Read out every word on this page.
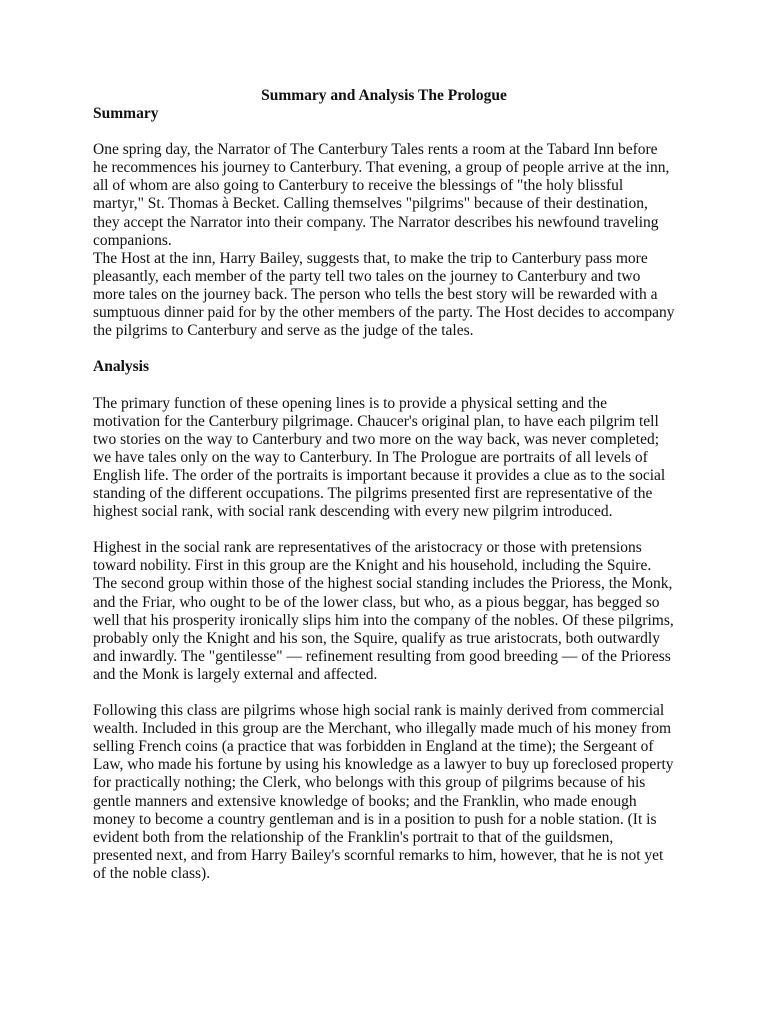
Summary and Analysis The Prologue

Summary

One spring day, the Narrator of The Canterbury Tales rents a room at the Tabard Inn before
he recommences his journey to Canterbury. That evening, a group of people arrive at the inn,
all of whom are also going to Canterbury to receive the blessings of "the holy blissful
martyr," St. Thomas à Becket. Calling themselves "pilgrims" because of their destination,
they accept the Narrator into their company. The Narrator describes his newfound traveling
companions.

The Host at the inn, Harry Bailey, suggests that, to make the trip to Canterbury pass more
pleasantly, each member of the party tell two tales on the journey to Canterbury and two
more tales on the journey back. The person who tells the best story will be rewarded with a
sumptuous dinner paid for by the other members of the party. The Host decides to accompany
the pilgrims to Canterbury and serve as the judge of the tales.

Analysis

The primary function of these opening lines is to provide a physical setting and the
motivation for the Canterbury pilgrimage. Chaucer's original plan, to have each pilgrim tell
two stories on the way to Canterbury and two more on the way back, was never completed;
we have tales only on the way to Canterbury. In The Prologue are portraits of all levels of
English life. The order of the portraits is important because it provides a clue as to the social
standing of the different occupations. The pilgrims presented first are representative of the
highest social rank, with social rank descending with every new pilgrim introduced.

Highest in the social rank are representatives of the aristocracy or those with pretensions
toward nobility. First in this group are the Knight and his household, including the Squire.
The second group within those of the highest social standing includes the Prioress, the Monk,
and the Friar, who ought to be of the lower class, but who, as a pious beggar, has begged so
well that his prosperity ironically slips him into the company of the nobles. Of these pilgrims,
probably only the Knight and his son, the Squire, qualify as true aristocrats, both outwardly
and inwardly. The "gentilesse" — refinement resulting from good breeding — of the Prioress
and the Monk is largely external and affected.

Following this class are pilgrims whose high social rank is mainly derived from commercial
wealth. Included in this group are the Merchant, who illegally made much of his money from
selling French coins (a practice that was forbidden in England at the time); the Sergeant of
Law, who made his fortune by using his knowledge as a lawyer to buy up foreclosed property
for practically nothing; the Clerk, who belongs with this group of pilgrims because of his
gentle manners and extensive knowledge of books; and the Franklin, who made enough
money to become a country gentleman and is in a position to push for a noble station. (It is
evident both from the relationship of the Franklin's portrait to that of the guildsmen,
presented next, and from Harry Bailey's scornful remarks to him, however, that he is not yet
of the noble class).
